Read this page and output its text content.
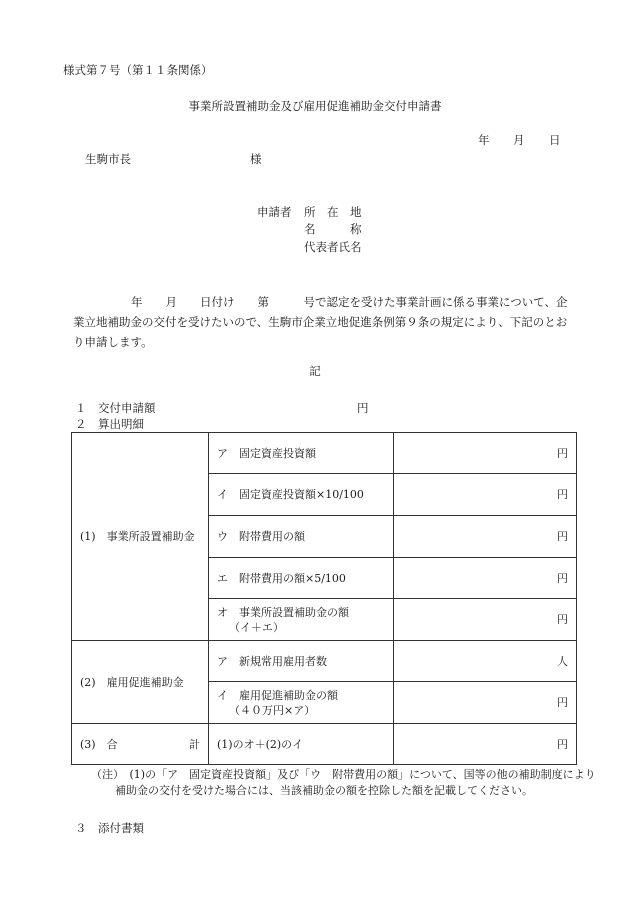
様式第７号（第１１条関係）
事業所設置補助金及び雇用促進補助金交付申請書
年 月 日
生駒市長	様
申請者 所　在　地
名　　　称
代表者氏名
年　　月　　日付け　　第　　　号で認定を受けた事業計画に係る事業について、企業立地補助金の交付を受けたいので、生駒市企業立地促進条例第９条の規定により、下記のとおり申請します。
記
１　交付申請額	円
２　算出明細
(1)　事業所設置補助金	ア　固定資産投資額	円
	イ　固定資産投資額×10/100	円
	ウ　附帯費用の額	円
	エ　附帯費用の額×5/100	円

	オ　事業所設置補助金の額
（イ＋エ）	円
(2)　雇用促進補助金	ア　新規常用雇用者数	人

	イ　雇用促進補助金の額
（４０万円×ア）	円
(3)　合 計	(1)のオ＋(2)のイ	円
（注）　(1)の「ア　固定資産投資額」及び「ウ　附帯費用の額」について、国等の他の補助制度により補助金の交付を受けた場合には、当該補助金の額を控除した額を記載してください。
３　添付書類
